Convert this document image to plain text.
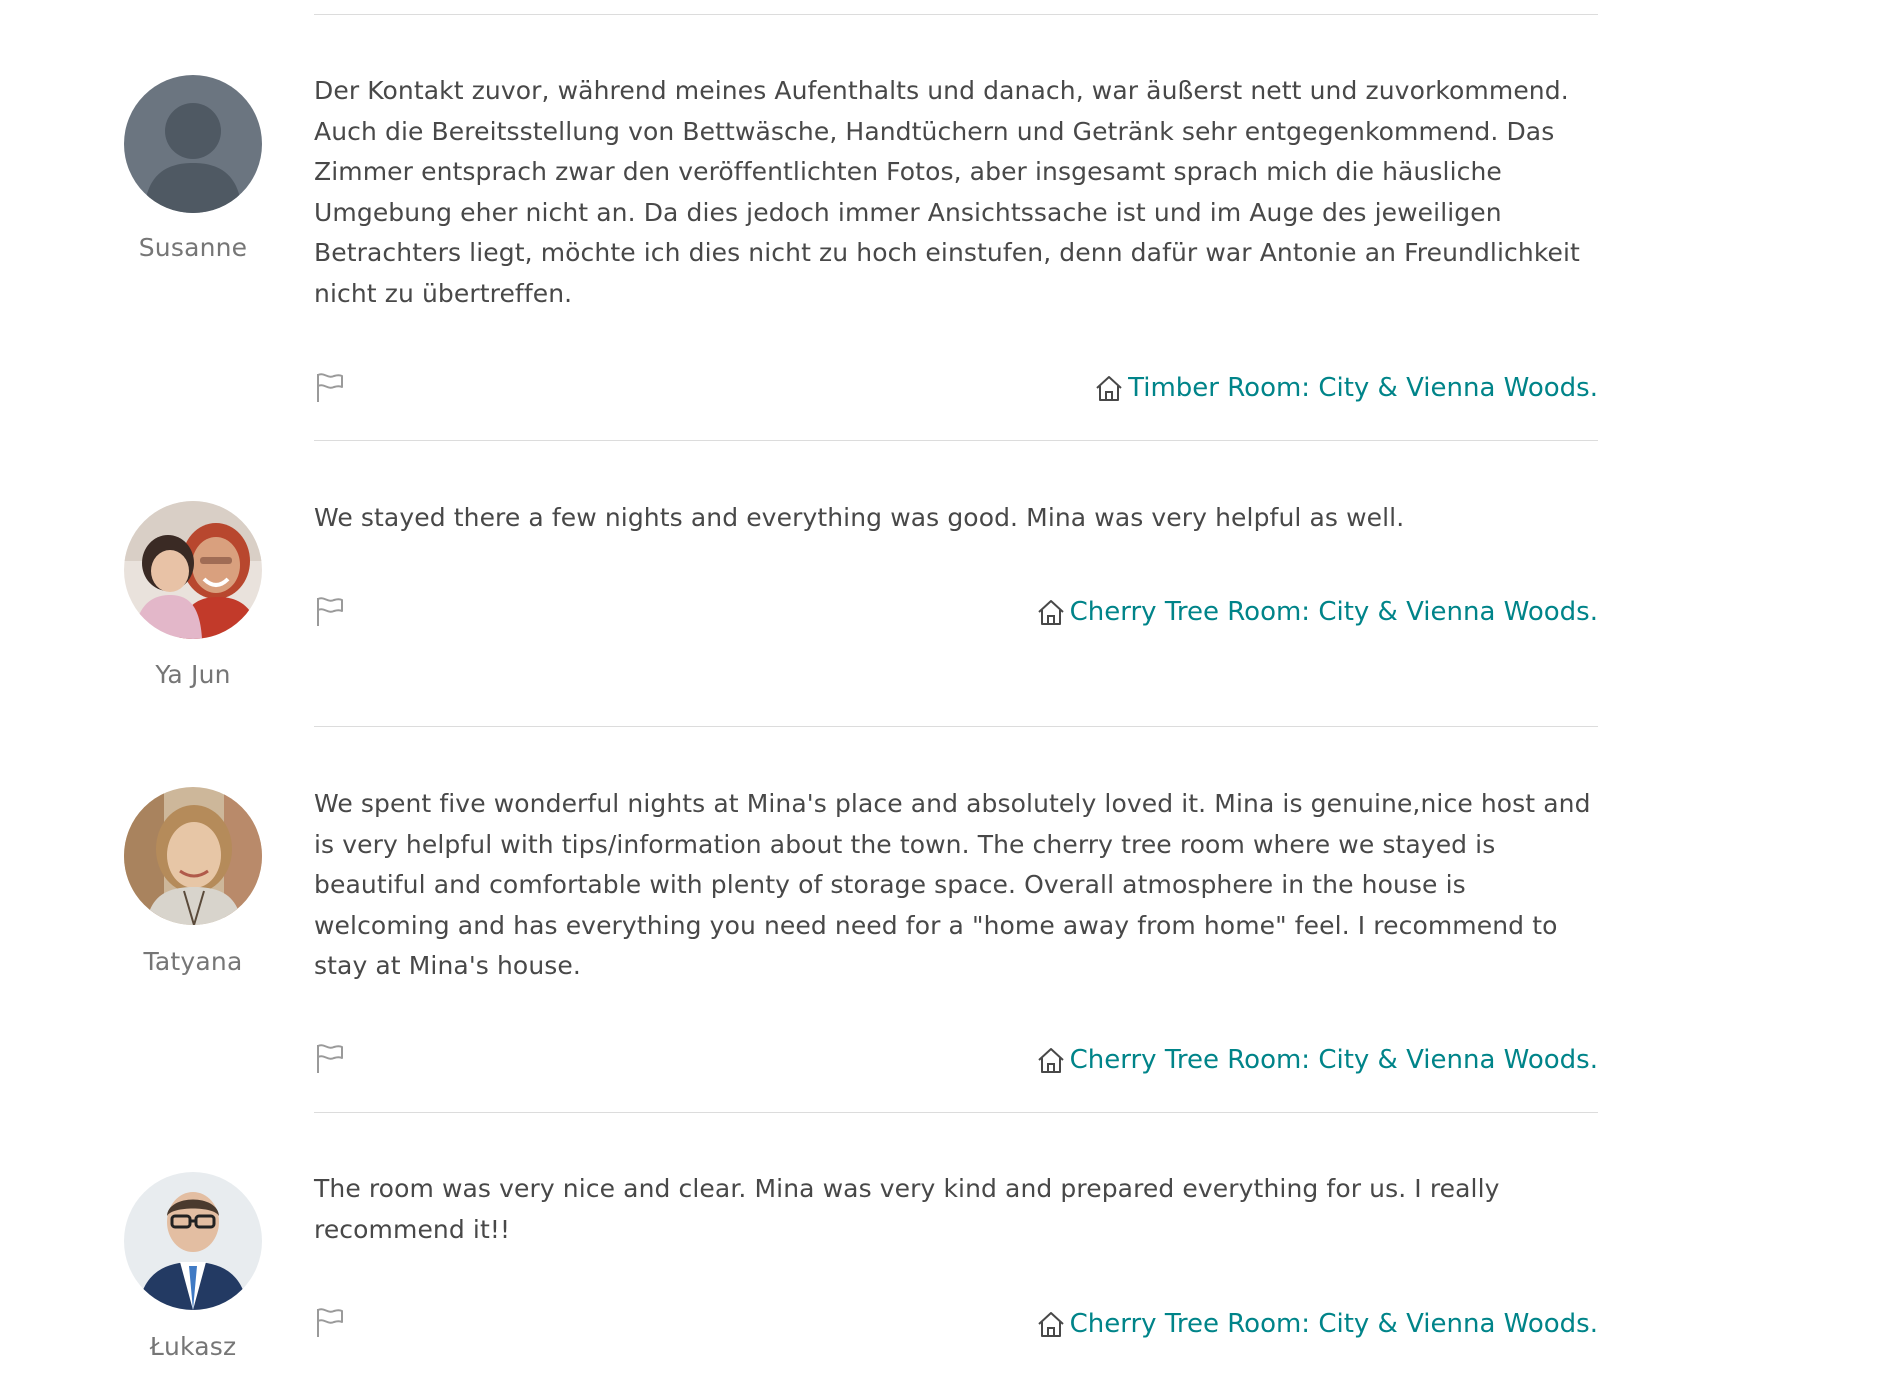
Susanne
Der Kontakt zuvor, während meines Aufenthalts und danach, war äußerst nett und zuvorkommend. Auch die Bereitsstellung von Bettwäsche, Handtüchern und Getränk sehr entgegenkommend. Das Zimmer entsprach zwar den veröffentlichten Fotos, aber insgesamt sprach mich die häusliche Umgebung eher nicht an. Da dies jedoch immer Ansichtssache ist und im Auge des jeweiligen Betrachters liegt, möchte ich dies nicht zu hoch einstufen, denn dafür war Antonie an Freundlichkeit nicht zu übertreffen.
Timber Room: City & Vienna Woods.
Ya Jun
We stayed there a few nights and everything was good. Mina was very helpful as well.
Cherry Tree Room: City & Vienna Woods.
Tatyana
We spent five wonderful nights at Mina's place and absolutely loved it. Mina is genuine,nice host and is very helpful with tips/information about the town. The cherry tree room where we stayed is beautiful and comfortable with plenty of storage space. Overall atmosphere in the house is welcoming and has everything you need need for a "home away from home" feel. I recommend to stay at Mina's house.
Cherry Tree Room: City & Vienna Woods.
Łukasz
The room was very nice and clear. Mina was very kind and prepared everything for us. I really recommend it!!
Cherry Tree Room: City & Vienna Woods.
